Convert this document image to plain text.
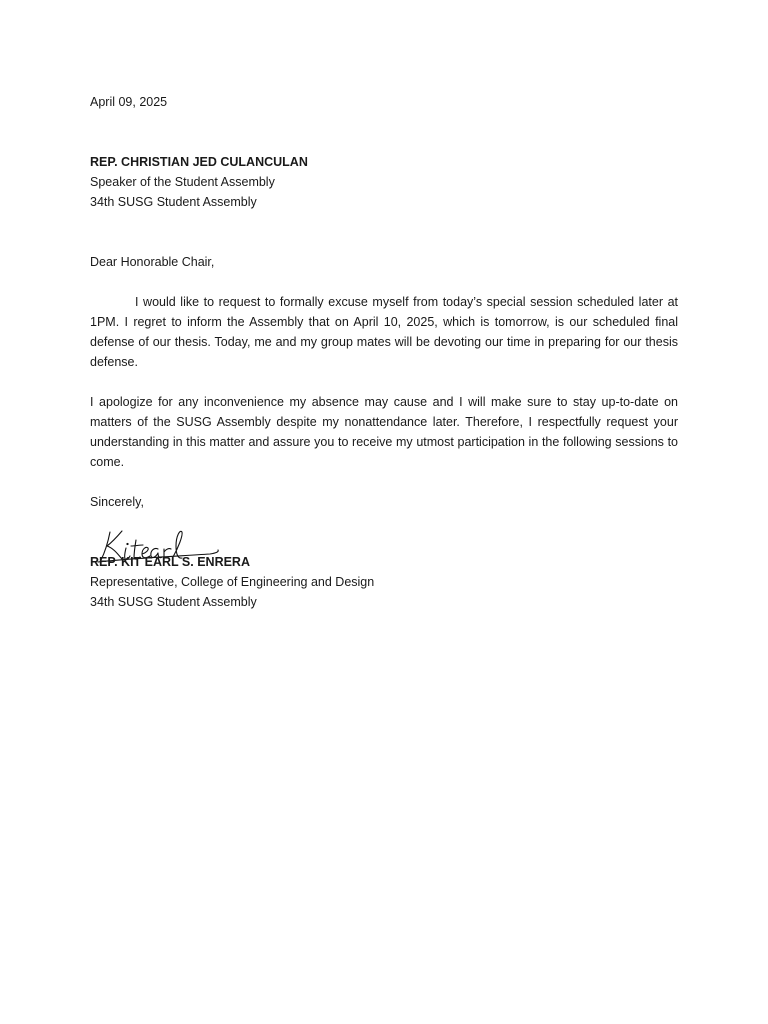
April 09, 2025
REP. CHRISTIAN JED CULANCULAN
Speaker of the Student Assembly
34th SUSG Student Assembly
Dear Honorable Chair,

I would like to request to formally excuse myself from today’s special session scheduled later at 1PM. I regret to inform the Assembly that on April 10, 2025, which is tomorrow, is our scheduled final defense of our thesis. Today, me and my group mates will be devoting our time in preparing for our thesis defense.

I apologize for any inconvenience my absence may cause and I will make sure to stay up-to-date on matters of the SUSG Assembly despite my nonattendance later. Therefore, I respectfully request your understanding in this matter and assure you to receive my utmost participation in the following sessions to come.

Sincerely,
REP. KIT EARL S. ENRERA
Representative, College of Engineering and Design
34th SUSG Student Assembly
